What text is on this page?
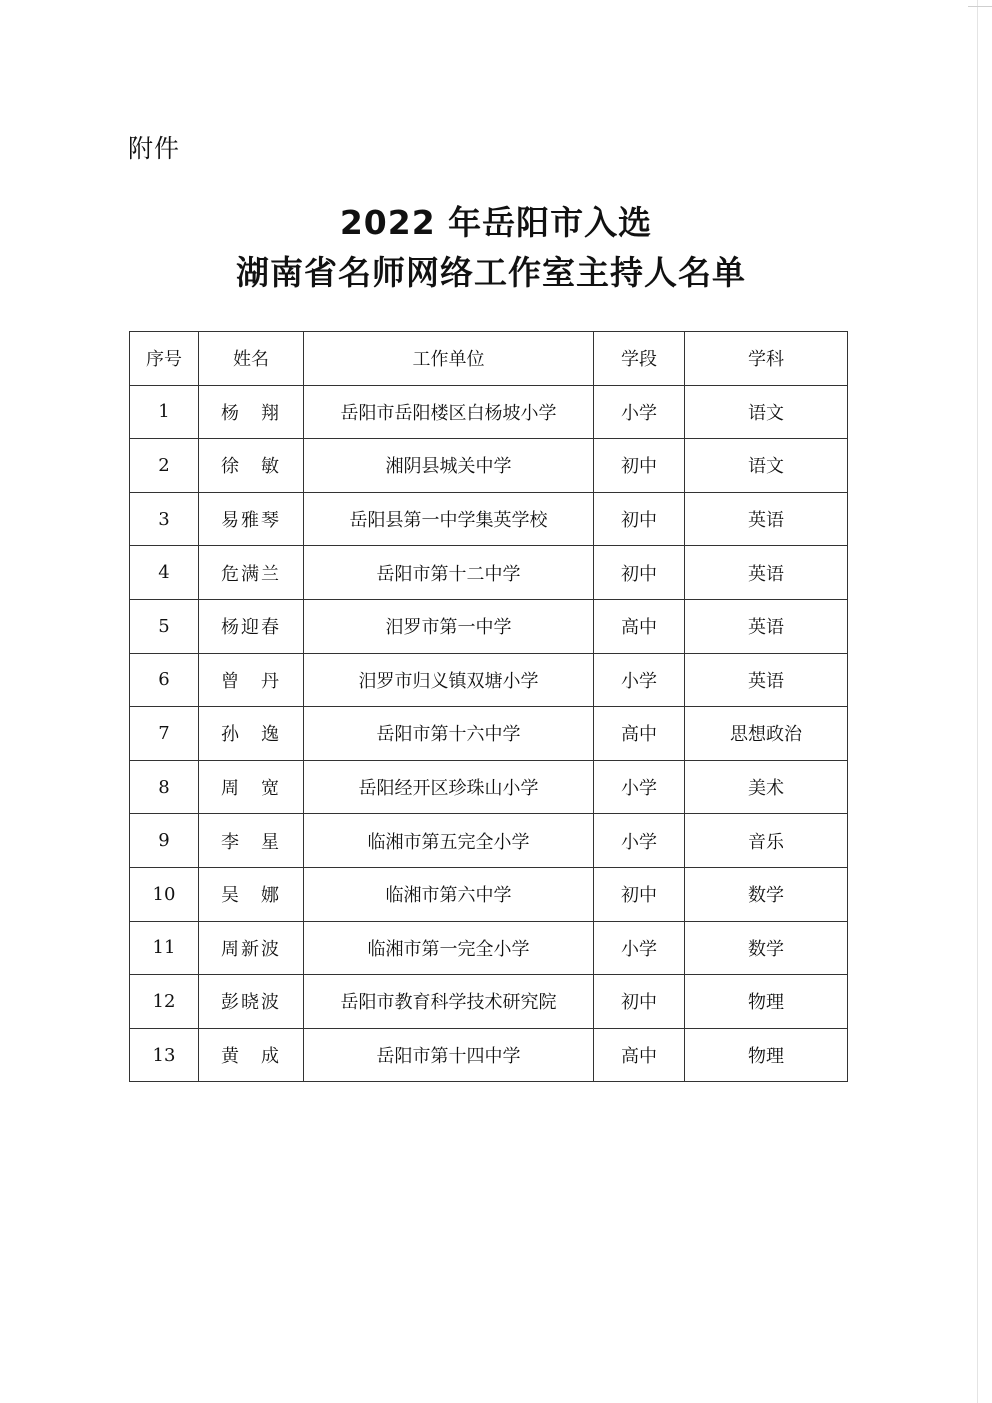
附件
2022 年岳阳市入选
湖南省名师网络工作室主持人名单
序号	姓名	工作单位	学段	学科
1	杨　翔	岳阳市岳阳楼区白杨坡小学	小学	语文
2	徐　敏	湘阴县城关中学	初中	语文
3	易雅琴	岳阳县第一中学集英学校	初中	英语
4	危满兰	岳阳市第十二中学	初中	英语
5	杨迎春	汨罗市第一中学	高中	英语
6	曾　丹	汨罗市归义镇双塘小学	小学	英语
7	孙　逸	岳阳市第十六中学	高中	思想政治
8	周　宽	岳阳经开区珍珠山小学	小学	美术
9	李　星	临湘市第五完全小学	小学	音乐
10	吴　娜	临湘市第六中学	初中	数学
11	周新波	临湘市第一完全小学	小学	数学
12	彭晓波	岳阳市教育科学技术研究院	初中	物理
13	黄　成	岳阳市第十四中学	高中	物理
